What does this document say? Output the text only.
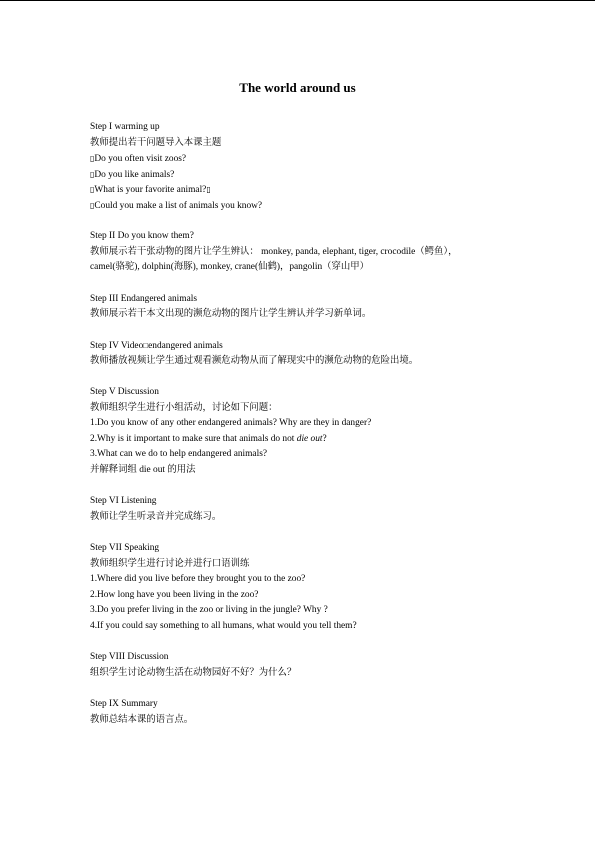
The world around us
Step I warming up
教师提出若干问题导入本课主题
▯Do you often visit zoos?
▯Do you like animals?
▯What is your favorite animal?▯
▯Could you make a list of animals you know?
Step II Do you know them?
教师展示若干张动物的图片让学生辨认： monkey, panda, elephant, tiger, crocodile（鳄鱼），
camel(骆驼), dolphin(海豚), monkey, crane(仙鹤)，pangolin（穿山甲）
Step III Endangered animals
教师展示若干本文出现的濒危动物的图片让学生辨认并学习新单词。
Step IV Video□endangered animals
教师播放视频让学生通过观看濒危动物从而了解现实中的濒危动物的危险出境。
Step V Discussion
教师组织学生进行小组活动，讨论如下问题：
1.Do you know of any other endangered animals? Why are they in danger?
2.Why is it important to make sure that animals do not die out?
3.What can we do to help endangered animals?
并解释词组 die out 的用法
Step VI Listening
教师让学生听录音并完成练习。
Step VII Speaking
教师组织学生进行讨论并进行口语训练
1.Where did you live before they brought you to the zoo?
2.How long have you been living in the zoo?
3.Do you prefer living in the zoo or living in the jungle? Why ?
4.If you could say something to all humans, what would you tell them?
Step VIII Discussion
组织学生讨论动物生活在动物园好不好？为什么？
Step IX Summary
教师总结本课的语言点。
